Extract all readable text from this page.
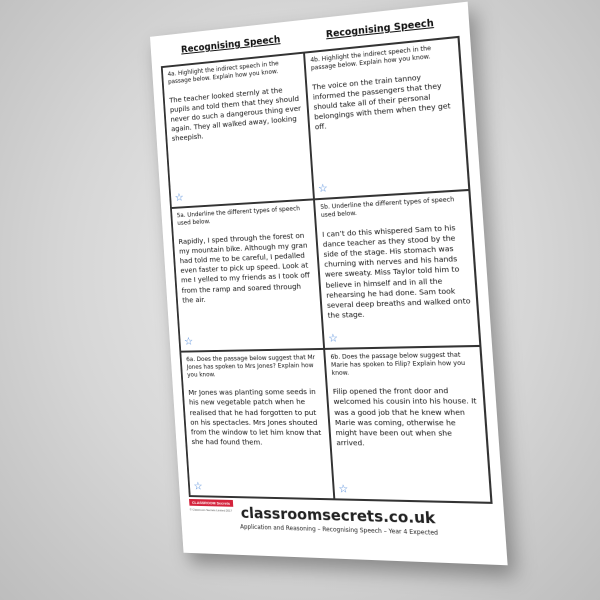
Recognising Speech
Recognising Speech
4a. Highlight the indirect speech in the passage below. Explain how you know.
The teacher looked sternly at the pupils and told them that they should never do such a dangerous thing ever again. They all walked away, looking sheepish.
☆
4b. Highlight the indirect speech in the passage below. Explain how you know.
The voice on the train tannoy informed the passengers that they should take all of their personal belongings with them when they get off.
☆
5a. Underline the different types of speech used below.
Rapidly, I sped through the forest on my mountain bike. Although my gran had told me to be careful, I pedalled even faster to pick up speed. Look at me I yelled to my friends as I took off from the ramp and soared through the air.
☆
5b. Underline the different types of speech used below.
I can’t do this whispered Sam to his dance teacher as they stood by the side of the stage. His stomach was churning with nerves and his hands were sweaty. Miss Taylor told him to believe in himself and in all the rehearsing he had done. Sam took several deep breaths and walked onto the stage.
☆
6a. Does the passage below suggest that Mr Jones has spoken to Mrs Jones? Explain how you know.
Mr Jones was planting some seeds in his new vegetable patch when he realised that he had forgotten to put on his spectacles. Mrs Jones shouted from the window to let him know that she had found them.
☆
6b. Does the passage below suggest that Marie has spoken to Filip? Explain how you know.
Filip opened the front door and welcomed his cousin into his house. It was a good job that he knew when Marie was coming, otherwise he might have been out when she arrived.
☆
CLASSROOM Secrets
© Classroom Secrets Limited 2017 classroomsecrets.co.uk
Application and Reasoning – Recognising Speech – Year 4 Expected
